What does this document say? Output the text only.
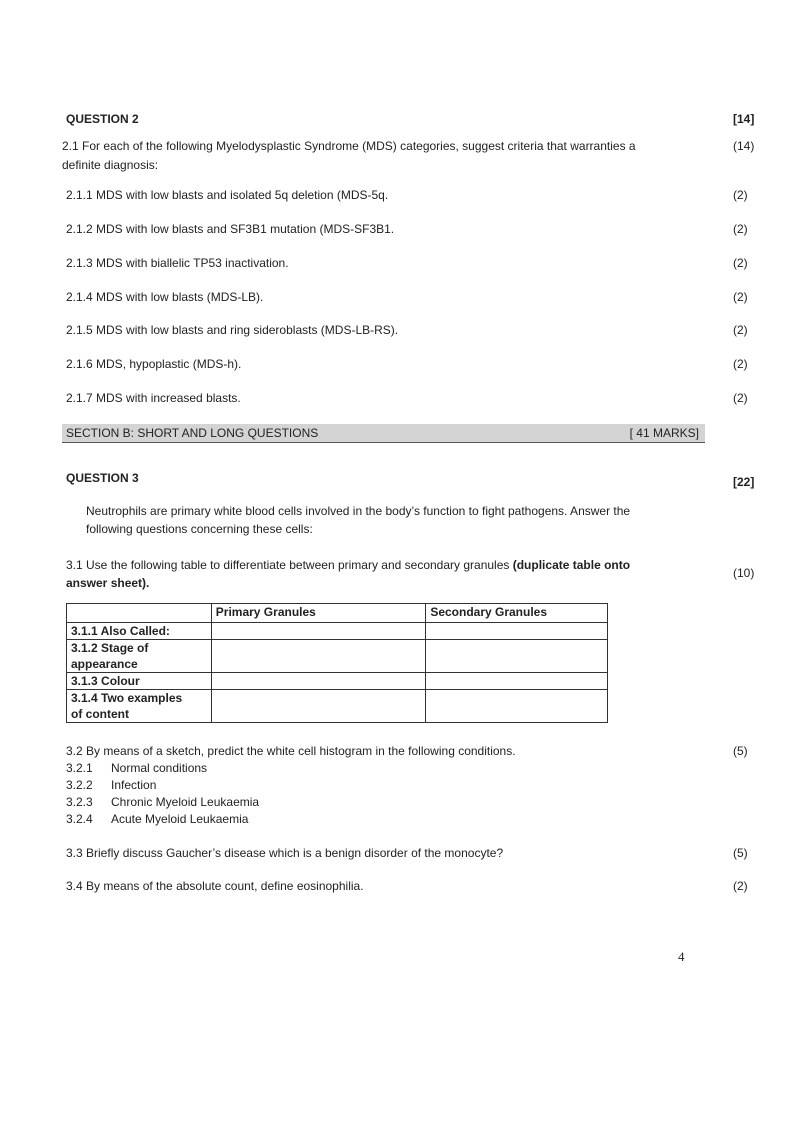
QUESTION 2	[14]
2.1 For each of the following Myelodysplastic Syndrome (MDS) categories, suggest criteria that warranties a
definite diagnosis:
(14)
2.1.1 MDS with low blasts and isolated 5q deletion (MDS-5q.	(2)
2.1.2 MDS with low blasts and SF3B1 mutation (MDS-SF3B1.	(2)
2.1.3 MDS with biallelic TP53 inactivation.	(2)
2.1.4 MDS with low blasts (MDS-LB).	(2)
2.1.5 MDS with low blasts and ring sideroblasts (MDS-LB-RS).	(2)
2.1.6 MDS, hypoplastic (MDS-h).	(2)
2.1.7 MDS with increased blasts.	(2)
SECTION B: SHORT AND LONG QUESTIONS	[ 41 MARKS]
QUESTION 3	[22]
Neutrophils are primary white blood cells involved in the body’s function to fight pathogens. Answer the
following questions concerning these cells:
3.1 Use the following table to differentiate between primary and secondary granules (duplicate table onto
answer sheet).
(10)
	Primary Granules	Secondary Granules
3.1.1 Also Called:		
3.1.2 Stage of
appearance		
3.1.3 Colour		
3.1.4 Two examples
of content		
3.2 By means of a sketch, predict the white cell histogram in the following conditions.	(5)
3.2.1 Normal conditions
3.2.2 Infection
3.2.3 Chronic Myeloid Leukaemia
3.2.4 Acute Myeloid Leukaemia
3.3 Briefly discuss Gaucher’s disease which is a benign disorder of the monocyte?	(5)
3.4 By means of the absolute count, define eosinophilia.	(2)
4
